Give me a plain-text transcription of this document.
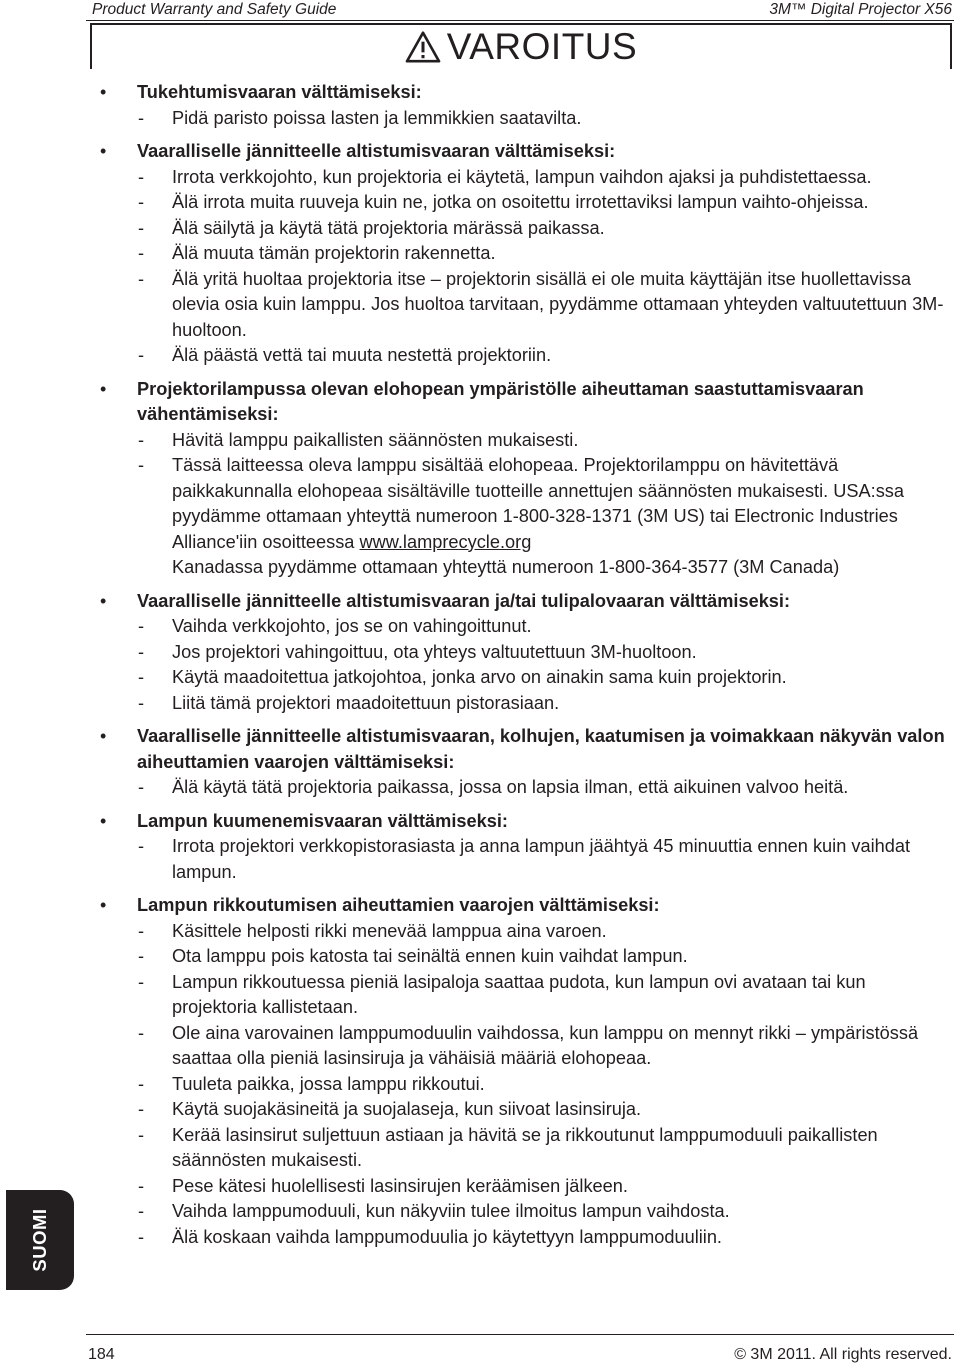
Product Warranty and Safety Guide	3M™ Digital Projector X56
VAROITUS
• Tukehtumisvaaran välttämiseksi:
- Pidä paristo poissa lasten ja lemmikkien saatavilta.
• Vaaralliselle jännitteelle altistumisvaaran välttämiseksi:
- Irrota verkkojohto, kun projektoria ei käytetä, lampun vaihdon ajaksi ja puhdistettaessa.
- Älä irrota muita ruuveja kuin ne, jotka on osoitettu irrotettaviksi lampun vaihto-ohjeissa.
- Älä säilytä ja käytä tätä projektoria märässä paikassa.
- Älä muuta tämän projektorin rakennetta.
- Älä yritä huoltaa projektoria itse – projektorin sisällä ei ole muita käyttäjän itse huollettavissa olevia osia kuin lamppu. Jos huoltoa tarvitaan, pyydämme ottamaan yhteyden valtuutettuun 3M-huoltoon.
- Älä päästä vettä tai muuta nestettä projektoriin.
• Projektorilampussa olevan elohopean ympäristölle aiheuttaman saastuttamisvaaran vähentämiseksi:
- Hävitä lamppu paikallisten säännösten mukaisesti.
- Tässä laitteessa oleva lamppu sisältää elohopeaa. Projektorilamppu on hävitettävä paikkakunnalla elohopeaa sisältäville tuotteille annettujen säännösten mukaisesti. USA:ssa pyydämme ottamaan yhteyttä numeroon 1-800-328-1371 (3M US) tai Electronic Industries Alliance'iin osoitteessa www.lamprecycle.org
Kanadassa pyydämme ottamaan yhteyttä numeroon 1-800-364-3577 (3M Canada)
• Vaaralliselle jännitteelle altistumisvaaran ja/tai tulipalovaaran välttämiseksi:
- Vaihda verkkojohto, jos se on vahingoittunut.
- Jos projektori vahingoittuu, ota yhteys valtuutettuun 3M-huoltoon.
- Käytä maadoitettua jatkojohtoa, jonka arvo on ainakin sama kuin projektorin.
- Liitä tämä projektori maadoitettuun pistorasiaan.
• Vaaralliselle jännitteelle altistumisvaaran, kolhujen, kaatumisen ja voimakkaan näkyvän valon aiheuttamien vaarojen välttämiseksi:
- Älä käytä tätä projektoria paikassa, jossa on lapsia ilman, että aikuinen valvoo heitä.
• Lampun kuumenemisvaaran välttämiseksi:
- Irrota projektori verkkopistorasiasta ja anna lampun jäähtyä 45 minuuttia ennen kuin vaihdat lampun.
• Lampun rikkoutumisen aiheuttamien vaarojen välttämiseksi:
- Käsittele helposti rikki menevää lamppua aina varoen.
- Ota lamppu pois katosta tai seinältä ennen kuin vaihdat lampun.
- Lampun rikkoutuessa pieniä lasipaloja saattaa pudota, kun lampun ovi avataan tai kun projektoria kallistetaan.
- Ole aina varovainen lamppumoduulin vaihdossa, kun lamppu on mennyt rikki – ympäristössä saattaa olla pieniä lasinsiruja ja vähäisiä määriä elohopeaa.
- Tuuleta paikka, jossa lamppu rikkoutui.
- Käytä suojakäsineitä ja suojalaseja, kun siivoat lasinsiruja.
- Kerää lasinsirut suljettuun astiaan ja hävitä se ja rikkoutunut lamppumoduuli paikallisten säännösten mukaisesti.
- Pese kätesi huolellisesti lasinsirujen keräämisen jälkeen.
- Vaihda lamppumoduuli, kun näkyviin tulee ilmoitus lampun vaihdosta.
- Älä koskaan vaihda lamppumoduulia jo käytettyyn lamppumoduuliin.
SUOMI
184	© 3M 2011. All rights reserved.
